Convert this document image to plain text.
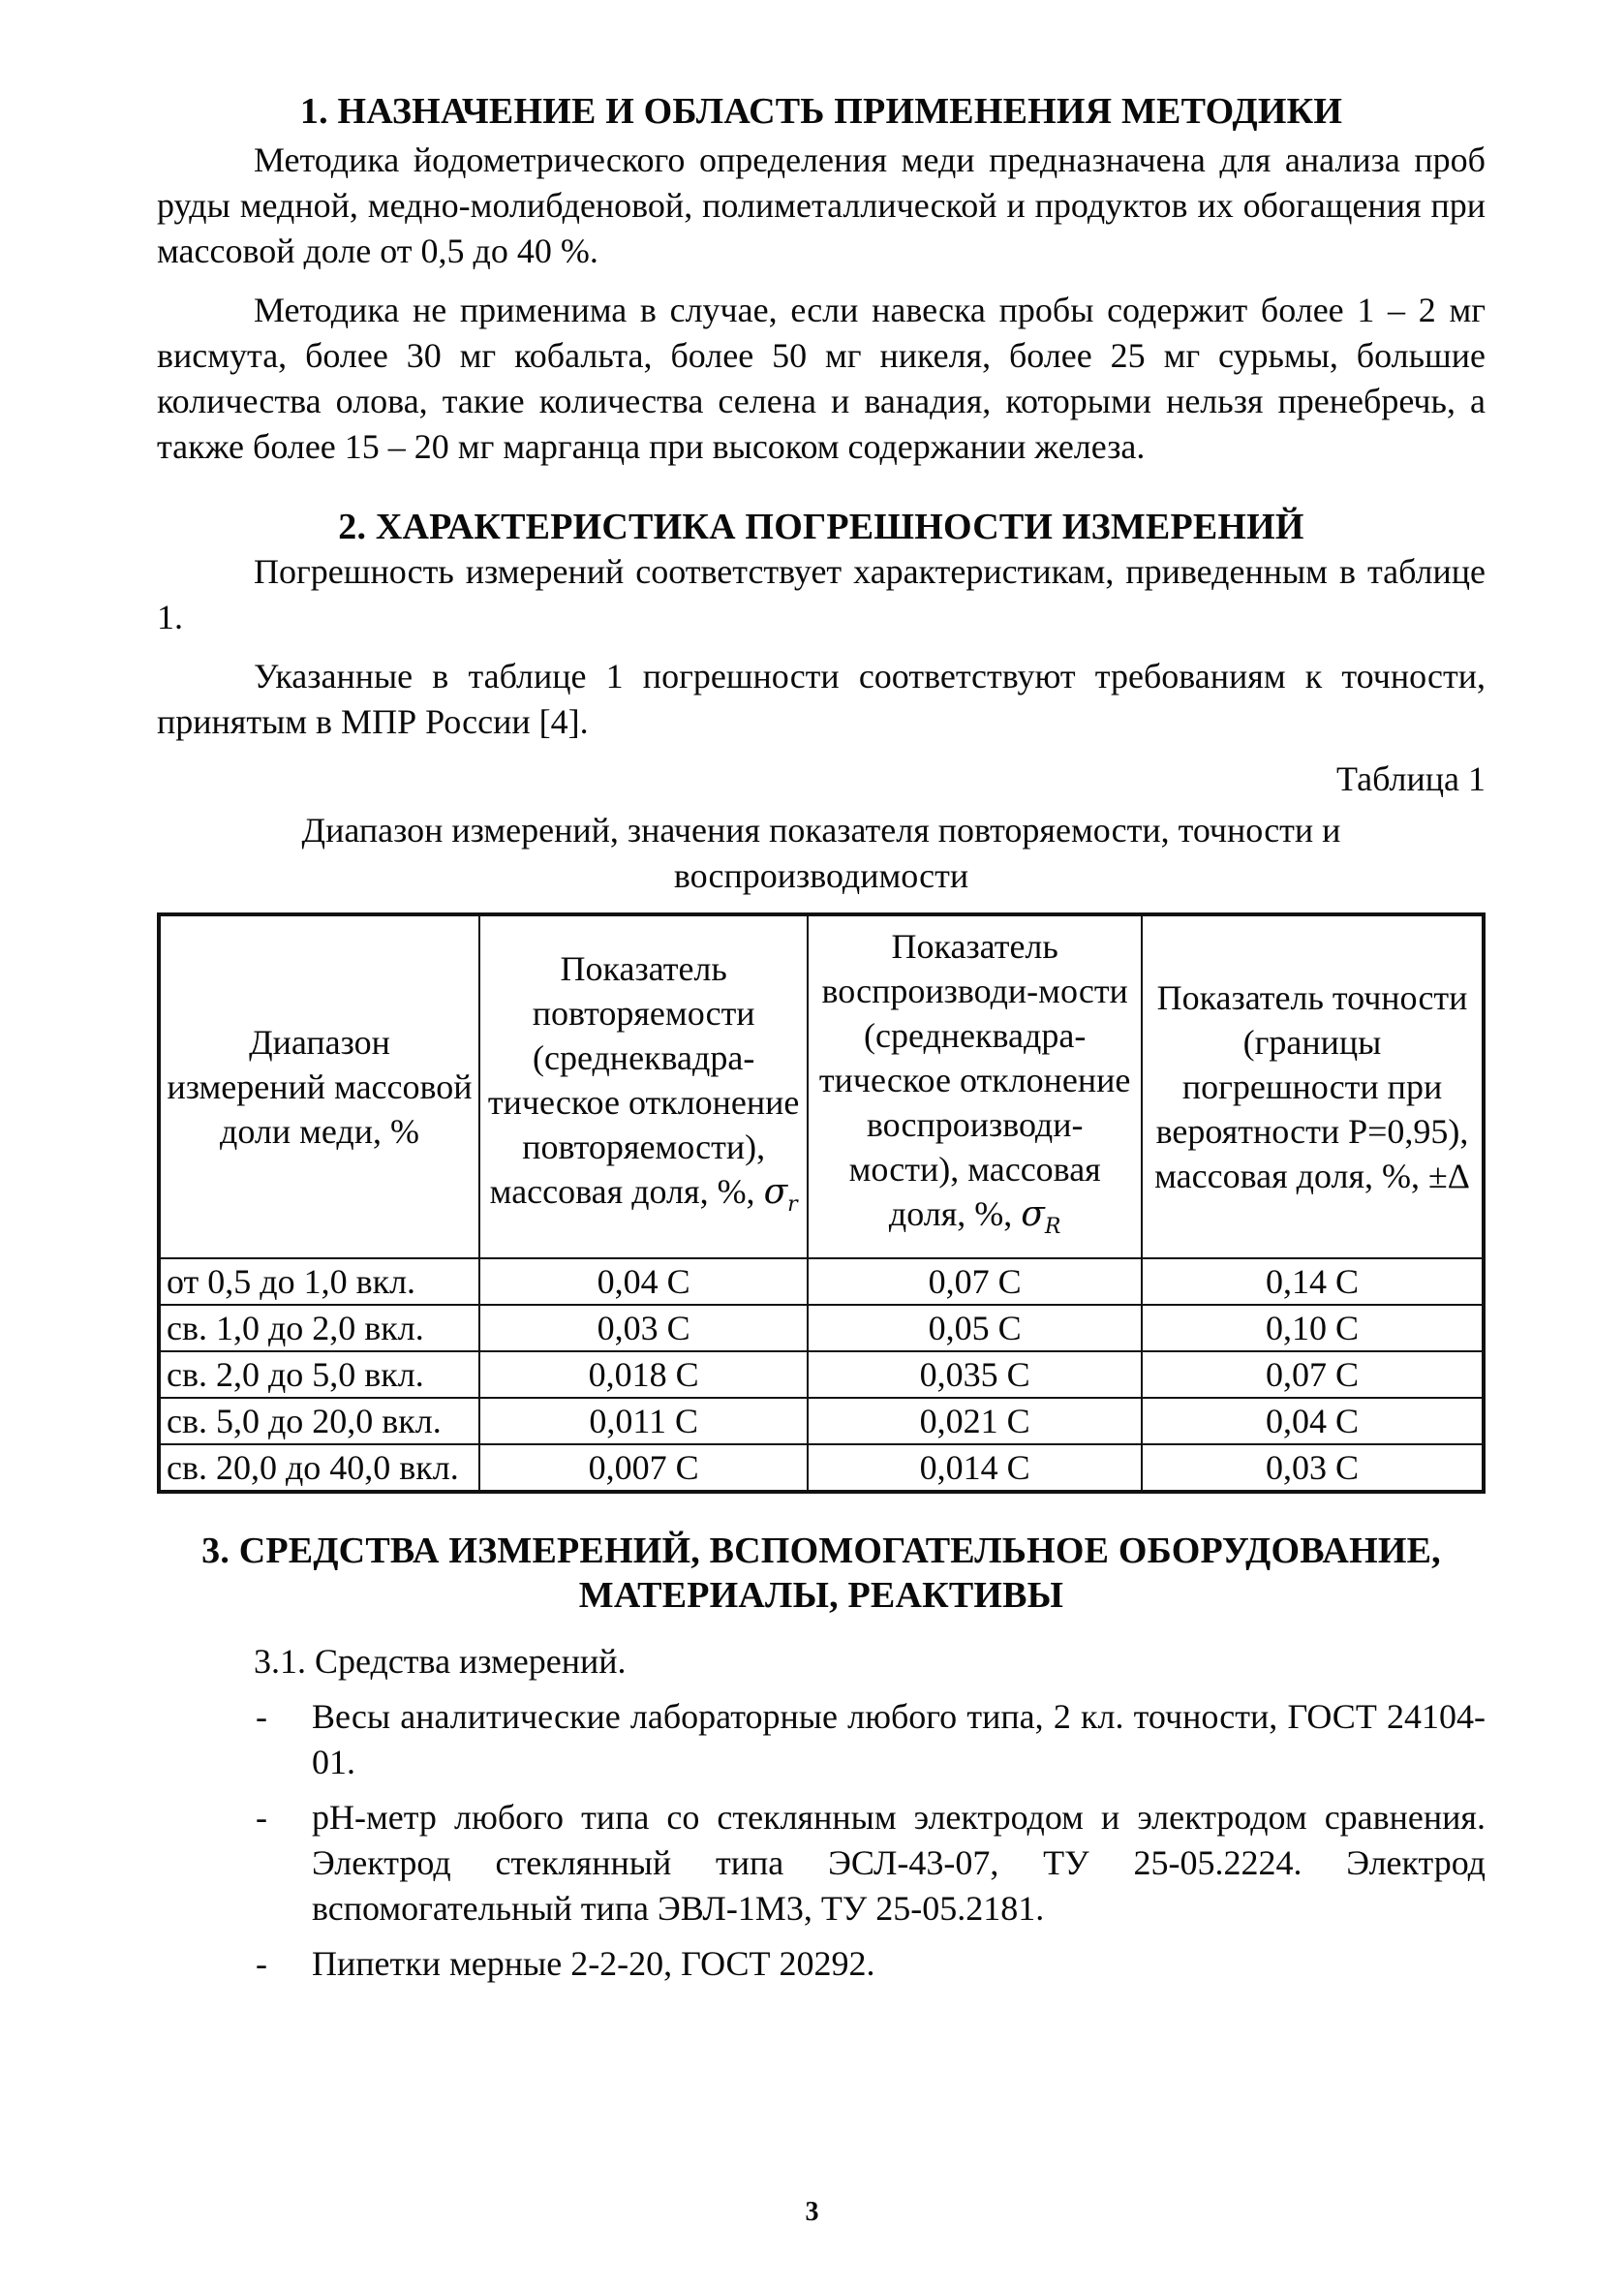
1. НАЗНАЧЕНИЕ И ОБЛАСТЬ ПРИМЕНЕНИЯ МЕТОДИКИ

Методика йодометрического определения меди предназначена для анализа проб руды медной, медно-молибденовой, полиметаллической и продуктов их обогащения при массовой доле от 0,5 до 40 %.

Методика не применима в случае, если навеска пробы содержит более 1 – 2 мг висмута, более 30 мг кобальта, более 50 мг никеля, более 25 мг сурьмы, большие количества олова, такие количества селена и ванадия, которыми нельзя пренебречь, а также более 15 – 20 мг марганца при высоком содержании железа.

2. ХАРАКТЕРИСТИКА ПОГРЕШНОСТИ ИЗМЕРЕНИЙ

Погрешность измерений соответствует характеристикам, приведенным в таблице 1.

Указанные в таблице 1 погрешности соответствуют требованиям к точности, принятым в МПР России [4].

Таблица 1
Диапазон измерений, значения показателя повторяемости, точности и воспроизводимости
Диапазон измерений массовой доли меди, %	Показатель повторяемости (среднеквадра-тическое отклонение повторяемости), массовая доля, %, $\sigma_r$	Показатель воспроизводи-мости (среднеквадра-тическое отклонение воспроизводи-мости), массовая доля, %, $\sigma_R$	Показатель точности (границы погрешности при вероятности Р=0,95), массовая доля, %, ±Δ
от 0,5 до 1,0 вкл.	0,04 С	0,07 С	0,14 С
св. 1,0 до 2,0 вкл.	0,03 С	0,05 С	0,10 С
св. 2,0 до 5,0 вкл.	0,018 С	0,035 С	0,07 С
св. 5,0 до 20,0 вкл.	0,011 С	0,021 С	0,04 С
св. 20,0 до 40,0 вкл.	0,007 С	0,014 С	0,03 С
3. СРЕДСТВА ИЗМЕРЕНИЙ, ВСПОМОГАТЕЛЬНОЕ ОБОРУДОВАНИЕ, МАТЕРИАЛЫ, РЕАКТИВЫ
3.1. Средства измерений.
- Весы аналитические лабораторные любого типа, 2 кл. точности, ГОСТ 24104-01.
- рН-метр любого типа со стеклянным электродом и электродом сравнения. Электрод стеклянный типа ЭСЛ-43-07, ТУ 25-05.2224. Электрод вспомогательный типа ЭВЛ-1М3, ТУ 25-05.2181.
- Пипетки мерные 2-2-20, ГОСТ 20292.
3
